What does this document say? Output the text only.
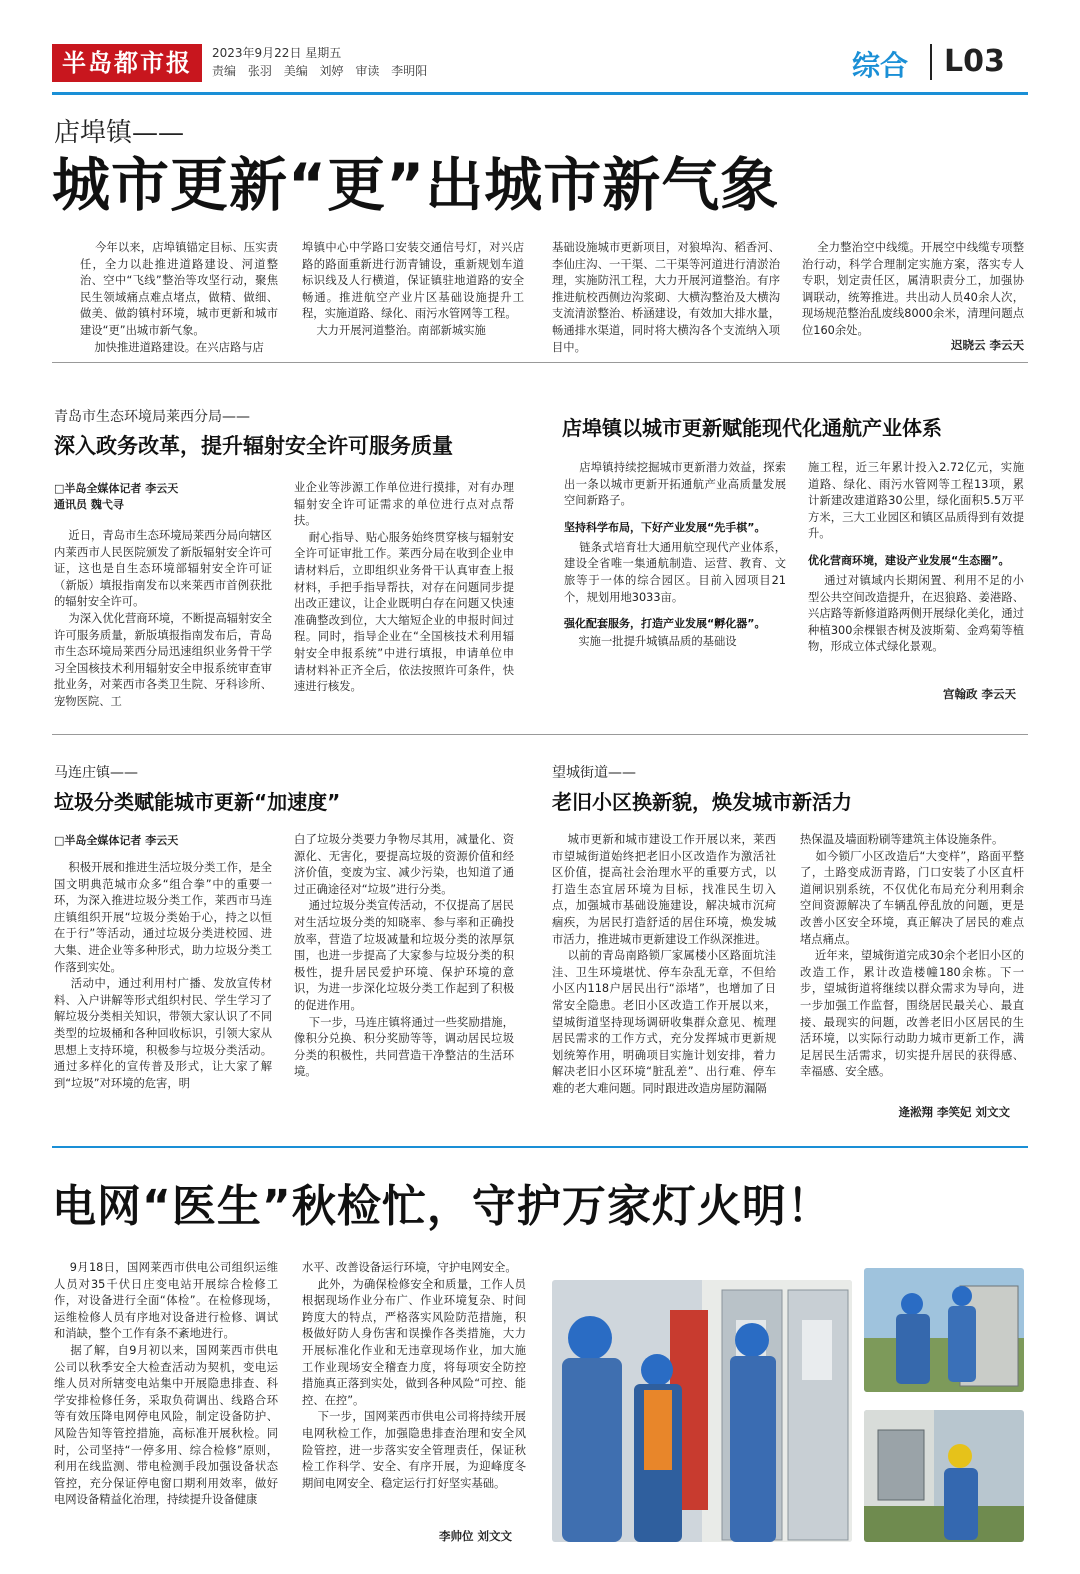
半岛都市报	2023年9月22日 星期五
责编 张羽 美编 刘婷 审读 李明阳	综合	L03
店埠镇——
城市更新“更”出城市新气象
今年以来，店埠镇锚定目标、压实责任，全力以赴推进道路建设、河道整治、空中“飞线”整治等攻坚行动，聚焦民生领域痛点难点堵点，做精、做细、做美、做韵镇村环境，城市更新和城市建设“更”出城市新气象。
加快推进道路建设。在兴店路与店
埠镇中心中学路口安装交通信号灯，对兴店路的路面重新进行沥青铺设，重新规划车道标识线及人行横道，保证镇驻地道路的安全畅通。推进航空产业片区基础设施提升工程，实施道路、绿化、雨污水管网等工程。
大力开展河道整治。南部新城实施
基础设施城市更新项目，对狼埠沟、稻香河、李仙庄沟、一干渠、二干渠等河道进行清淤治理，实施防汛工程，大力开展河道整治。有序推进航校西侧边沟浆砌、大横沟整治及大横沟支流清淤整治、桥涵建设，有效加大排水量，畅通排水渠道，同时将大横沟各个支流纳入项目中。
全力整治空中线缆。开展空中线缆专项整治行动，科学合理制定实施方案，落实专人专职，划定责任区，属清职责分工，加强协调联动，统筹推进。共出动人员40余人次，现场规范整治乱废线8000余米，清理问题点位160余处。
迟晓云 李云天
青岛市生态环境局莱西分局——
深入政务改革，提升辐射安全许可服务质量
□半岛全媒体记者 李云天
通讯员 魏弋寻
近日，青岛市生态环境局莱西分局向辖区内莱西市人民医院颁发了新版辐射安全许可证，这也是自生态环境部辐射安全许可证（新版）填报指南发布以来莱西市首例获批的辐射安全许可。
为深入优化营商环境，不断提高辐射安全许可服务质量，新版填报指南发布后，青岛市生态环境局莱西分局迅速组织业务骨干学习全国核技术利用辐射安全申报系统审查审批业务，对莱西市各类卫生院、牙科诊所、宠物医院、工
业企业等涉源工作单位进行摸排，对有办理辐射安全许可证需求的单位进行点对点帮扶。
耐心指导、贴心服务始终贯穿核与辐射安全许可证审批工作。莱西分局在收到企业申请材料后，立即组织业务骨干认真审查上报材料，手把手指导帮扶，对存在问题同步提出改正建议，让企业既明白存在问题又快速准确整改到位，大大缩短企业的申报时间过程。同时，指导企业在“全国核技术利用辐射安全申报系统”中进行填报，申请单位申请材料补正齐全后，依法按照许可条件，快速进行核发。
店埠镇以城市更新赋能现代化通航产业体系
店埠镇持续挖掘城市更新潜力效益，探索出一条以城市更新开拓通航产业高质量发展空间新路子。
坚持科学布局，下好产业发展“先手棋”。
链条式培育壮大通用航空现代产业体系，建设全省唯一集通航制造、运营、教育、文旅等于一体的综合园区。目前入园项目21个，规划用地3033亩。
强化配套服务，打造产业发展“孵化器”。
实施一批提升城镇品质的基础设
施工程，近三年累计投入2.72亿元，实施道路、绿化、雨污水管网等工程13项，累计新建改建道路30公里，绿化面积5.5万平方米，三大工业园区和镇区品质得到有效提升。
优化营商环境，建设产业发展“生态圈”。
通过对镇域内长期闲置、利用不足的小型公共空间改造提升，在迟狼路、姜港路、兴店路等新修道路两侧开展绿化美化，通过种植300余棵银杏树及波斯菊、金鸡菊等植物，形成立体式绿化景观。
宫翰政 李云天
马连庄镇——
垃圾分类赋能城市更新“加速度”
□半岛全媒体记者 李云天
积极开展和推进生活垃圾分类工作，是全国文明典范城市众多“组合拳”中的重要一环，为深入推进垃圾分类工作，莱西市马连庄镇组织开展“垃圾分类始于心，持之以恒在于行”等活动，通过垃圾分类进校园、进大集、进企业等多种形式，助力垃圾分类工作落到实处。
活动中，通过利用村广播、发放宣传材料、入户讲解等形式组织村民、学生学习了解垃圾分类相关知识，带领大家认识了不同类型的垃圾桶和各种回收标识，引领大家从思想上支持环境，积极参与垃圾分类活动。通过多样化的宣传普及形式，让大家了解到“垃圾”对环境的危害，明
白了垃圾分类要力争物尽其用，减量化、资源化、无害化，要提高垃圾的资源价值和经济价值，变废为宝、减少污染，也知道了通过正确途径对“垃圾”进行分类。
通过垃圾分类宣传活动，不仅提高了居民对生活垃圾分类的知晓率、参与率和正确投放率，营造了垃圾减量和垃圾分类的浓厚氛围，也进一步提高了大家参与垃圾分类的积极性，提升居民爱护环境、保护环境的意识，为进一步深化垃圾分类工作起到了积极的促进作用。
下一步，马连庄镇将通过一些奖励措施，像积分兑换、积分奖励等等，调动居民垃圾分类的积极性，共同营造干净整洁的生活环境。
望城街道——
老旧小区换新貌，焕发城市新活力
城市更新和城市建设工作开展以来，莱西市望城街道始终把老旧小区改造作为激活社区价值，提高社会治理水平的重要方式，以打造生态宜居环境为目标，找准民生切入点，加强城市基础设施建设，解决城市沉疴痼疾，为居民打造舒适的居住环境，焕发城市活力，推进城市更新建设工作纵深推进。
以前的青岛南路锁厂家属楼小区路面坑洼洼、卫生环境堪忧、停车杂乱无章，不但给小区内118户居民出行“添堵”，也增加了日常安全隐患。老旧小区改造工作开展以来，望城街道坚持现场调研收集群众意见、梳理居民需求的工作方式，充分发挥城市更新规划统筹作用，明确项目实施计划安排，着力解决老旧小区环境“脏乱差”、出行难、停车难的老大难问题。同时跟进改造房屋防漏隔
热保温及墙面粉刷等建筑主体设施条件。
如今锁厂小区改造后“大变样”，路面平整了，土路变成沥青路，门口安装了小区直杆道闸识别系统，不仅优化布局充分利用剩余空间资源解决了车辆乱停乱放的问题，更是改善小区安全环境，真正解决了居民的难点堵点痛点。
近年来，望城街道完成30余个老旧小区的改造工作，累计改造楼幢180余栋。下一步，望城街道将继续以群众需求为导向，进一步加强工作监督，围绕居民最关心、最直接、最现实的问题，改善老旧小区居民的生活环境，以实际行动助力城市更新工作，满足居民生活需求，切实提升居民的获得感、幸福感、安全感。
逄淞翔 李笑妃 刘文文
电网“医生”秋检忙，守护万家灯火明！
9月18日，国网莱西市供电公司组织运维人员对35千伏日庄变电站开展综合检修工作，对设备进行全面“体检”。在检修现场，运维检修人员有序地对设备进行检修、调试和消缺，整个工作有条不紊地进行。
据了解，自9月初以来，国网莱西市供电公司以秋季安全大检查活动为契机，变电运维人员对所辖变电站集中开展隐患排查、科学安排检修任务，采取负荷调出、线路合环等有效压降电网停电风险，制定设备防护、风险告知等管控措施，高标准开展秋检。同时，公司坚持“一停多用、综合检修”原则，利用在线监测、带电检测手段加强设备状态管控，充分保证停电窗口期利用效率，做好电网设备精益化治理，持续提升设备健康
水平、改善设备运行环境，守护电网安全。
此外，为确保检修安全和质量，工作人员根据现场作业分布广、作业环境复杂、时间跨度大的特点，严格落实风险防范措施，积极做好防人身伤害和误操作各类措施，大力开展标准化作业和无违章现场作业，加大施工作业现场安全稽查力度，将每项安全防控措施真正落到实处，做到各种风险“可控、能控、在控”。
下一步，国网莱西市供电公司将持续开展电网秋检工作，加强隐患排查治理和安全风险管控，进一步落实安全管理责任，保证秋检工作科学、安全、有序开展，为迎峰度冬期间电网安全、稳定运行打好坚实基础。
李帅位 刘文文
